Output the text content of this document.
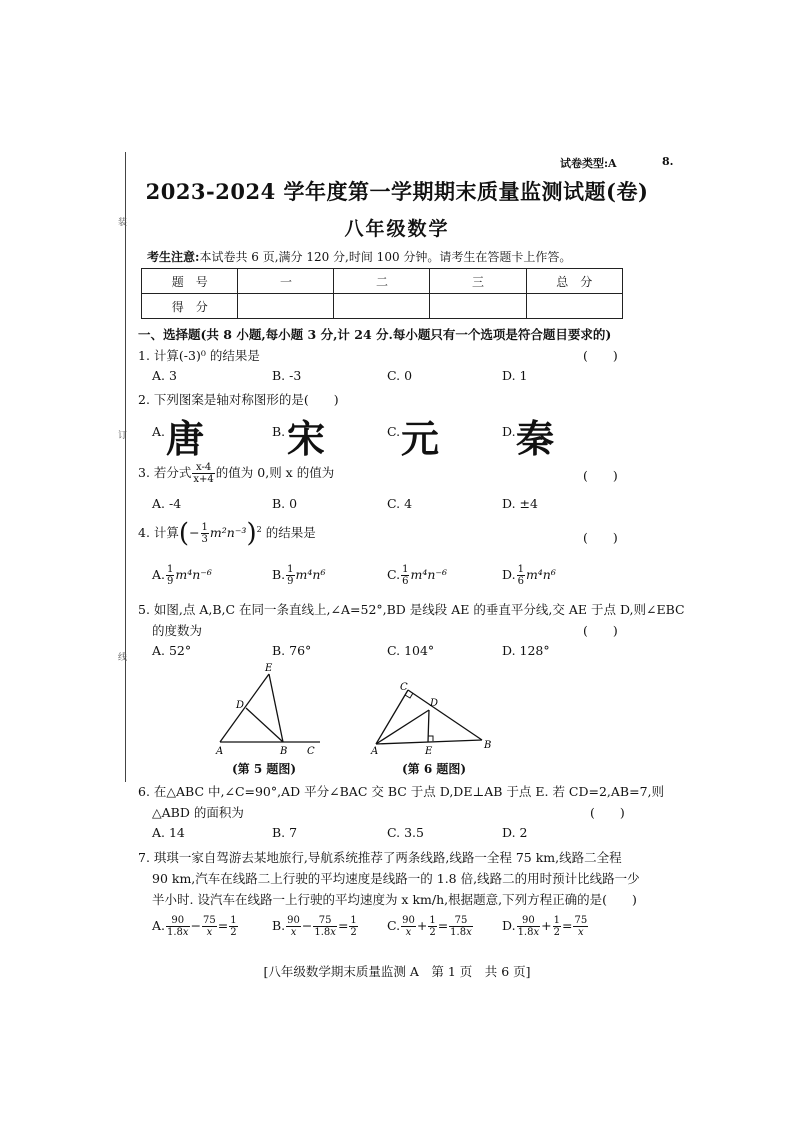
装
订
线
试卷类型:A	8.
2023-2024 学年度第一学期期末质量监测试题(卷)
八年级数学
考生注意:本试卷共 6 页,满分 120 分,时间 100 分钟。请考生在答题卡上作答。
题　号	一	二	三	总　分
得　分				
一、选择题(共 8 小题,每小题 3 分,计 24 分.每小题只有一个选项是符合题目要求的)
1. 计算(-3)⁰ 的结果是	(　　)
A. 3	B. -3	C. 0	D. 1
2. 下列图案是轴对称图形的是(　　)
A. 唐	B. 宋	C. 元	D. 秦
3. 若分式 $\frac{x-4}{x+4}$ 的值为 0,则 x 的值为	(　　)
A. -4	B. 0	C. 4	D. ±4
4. 计算(− $\frac{1}{3} m^2n^{-3})^2$ 的结果是	(　　)
A. $\frac{1}{9} m^4n^{-6}$	B. $\frac{1}{9} m^4n^6$	C. $\frac{1}{6} m^4n^{-6}$	D. $\frac{1}{6} m^4n^6$
5. 如图,点 A,B,C 在同一条直线上,∠A=52°,BD 是线段 AE 的垂直平分线,交 AE 于点 D,则∠EBC
的度数为	(　　)
A. 52°	B. 76°	C. 104°	D. 128°
E
D
A	B C
C
D
A	E
B
(第 5 题图)	(第 6 题图)
6. 在△ABC 中,∠C=90°,AD 平分∠BAC 交 BC 于点 D,DE⊥AB 于点 E. 若 CD=2,AB=7,则
△ABD 的面积为	(　　)
A. 14	B. 7	C. 3.5	D. 2
7. 琪琪一家自驾游去某地旅行,导航系统推荐了两条线路,线路一全程 75 km,线路二全程
90 km,汽车在线路二上行驶的平均速度是线路一的 1.8 倍,线路二的用时预计比线路一少
半小时. 设汽车在线路一上行驶的平均速度为 x km/h,根据题意,下列方程正确的是(　　)
A. $\frac{90}{1.8x} - \frac{75}{x} = \frac{1}{2}$	B. $\frac{90}{x} - \frac{75}{1.8x} = \frac{1}{2} C$. $\frac{90}{x} + \frac{1}{2} = \frac{75}{1.8x} D$. $\frac{90}{1.8x} + \frac{1}{2} = \frac{75}{x}$
[八年级数学期末质量监测 A　第 1 页　共 6 页]
